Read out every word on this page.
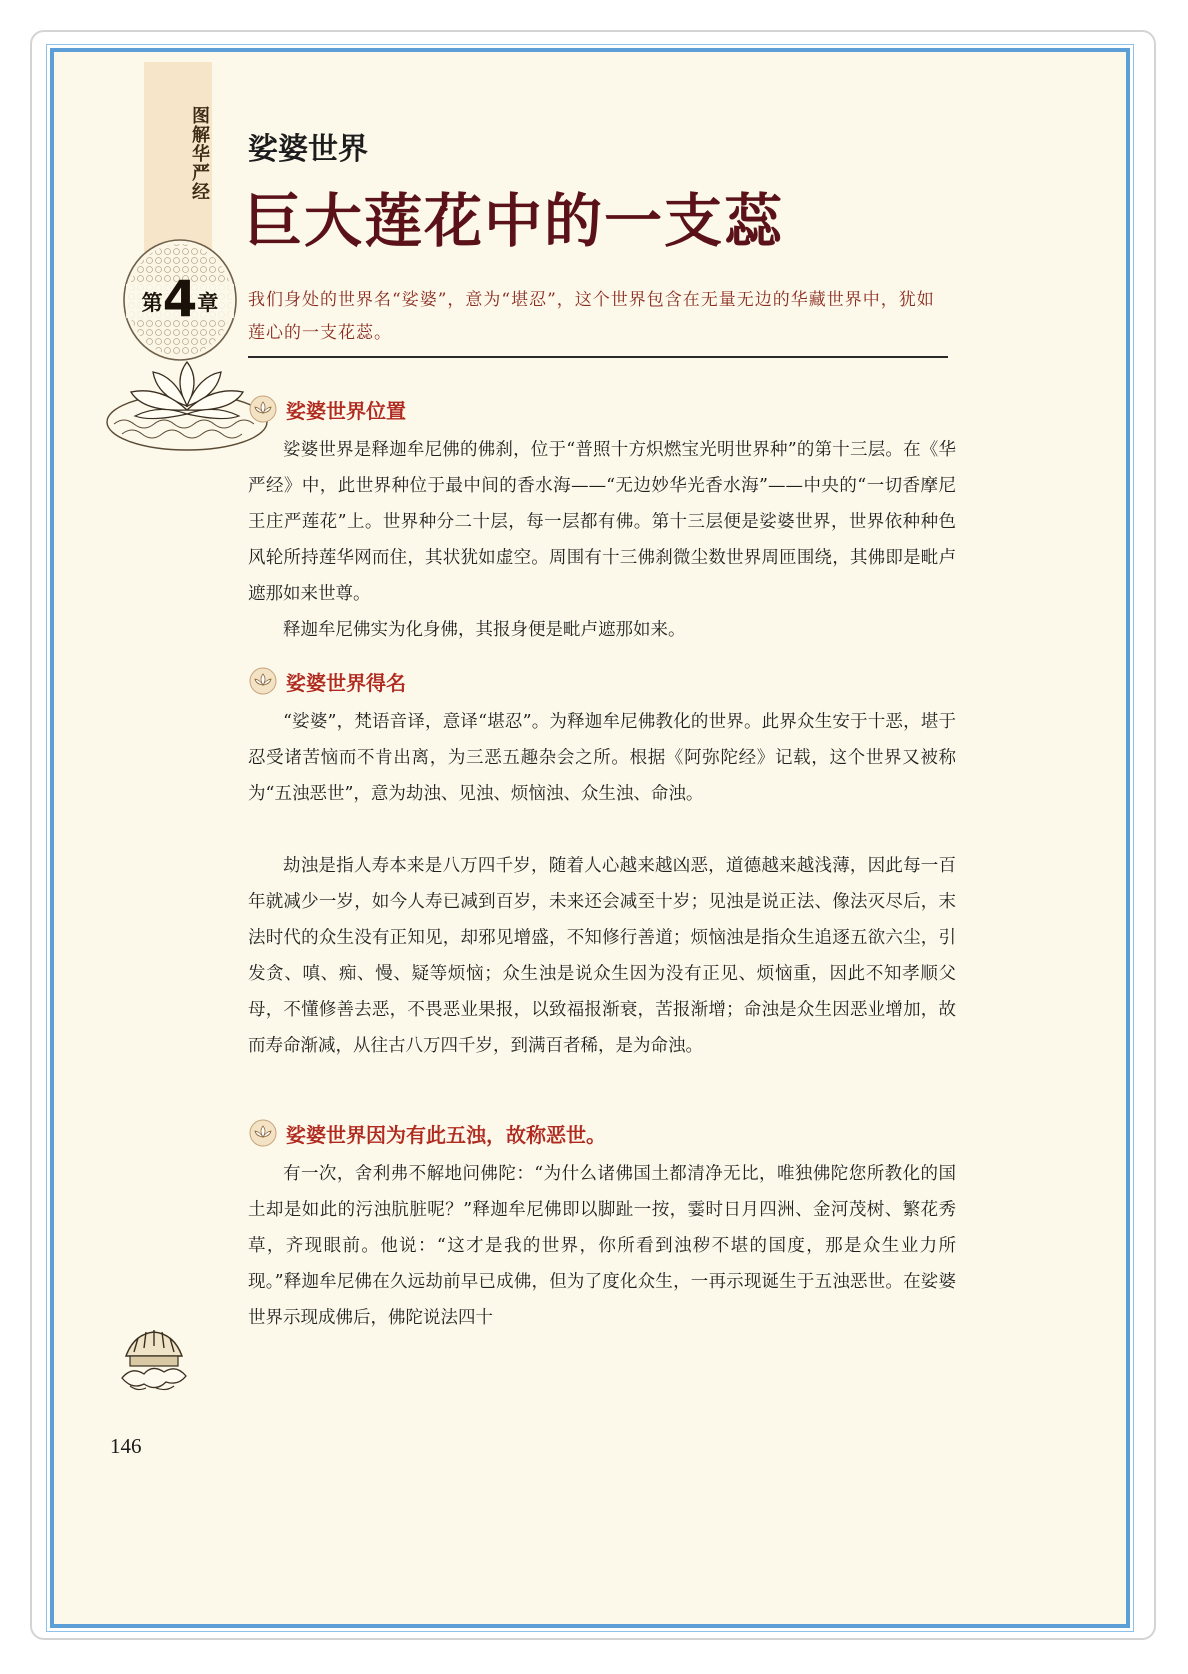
图解华严经
第4章
娑婆世界
巨大莲花中的一支蕊
我们身处的世界名“娑婆”，意为“堪忍”，这个世界包含在无量无边的华藏世界中，犹如莲心的一支花蕊。
娑婆世界位置

娑婆世界是释迦牟尼佛的佛刹，位于“普照十方炽燃宝光明世界种”的第十三层。在《华严经》中，此世界种位于最中间的香水海——“无边妙华光香水海”——中央的“一切香摩尼王庄严莲花”上。世界种分二十层，每一层都有佛。第十三层便是娑婆世界，世界依种种色风轮所持莲华网而住，其状犹如虚空。周围有十三佛刹微尘数世界周匝围绕，其佛即是毗卢遮那如来世尊。

释迦牟尼佛实为化身佛，其报身便是毗卢遮那如来。

娑婆世界得名

“娑婆”，梵语音译，意译“堪忍”。为释迦牟尼佛教化的世界。此界众生安于十恶，堪于忍受诸苦恼而不肯出离，为三恶五趣杂会之所。根据《阿弥陀经》记载，这个世界又被称为“五浊恶世”，意为劫浊、见浊、烦恼浊、众生浊、命浊。

劫浊是指人寿本来是八万四千岁，随着人心越来越凶恶，道德越来越浅薄，因此每一百年就减少一岁，如今人寿已减到百岁，未来还会减至十岁；见浊是说正法、像法灭尽后，末法时代的众生没有正知见，却邪见增盛，不知修行善道；烦恼浊是指众生追逐五欲六尘，引发贪、嗔、痴、慢、疑等烦恼；众生浊是说众生因为没有正见、烦恼重，因此不知孝顺父母，不懂修善去恶，不畏恶业果报，以致福报渐衰，苦报渐增；命浊是众生因恶业增加，故而寿命渐减，从往古八万四千岁，到满百者稀，是为命浊。

娑婆世界因为有此五浊，故称恶世。

有一次，舍利弗不解地问佛陀：“为什么诸佛国土都清净无比，唯独佛陀您所教化的国土却是如此的污浊肮脏呢？”释迦牟尼佛即以脚趾一按，霎时日月四洲、金河茂树、繁花秀草，齐现眼前。他说：“这才是我的世界，你所看到浊秽不堪的国度，那是众生业力所现。”释迦牟尼佛在久远劫前早已成佛，但为了度化众生，一再示现诞生于五浊恶世。在娑婆世界示现成佛后，佛陀说法四十

146
